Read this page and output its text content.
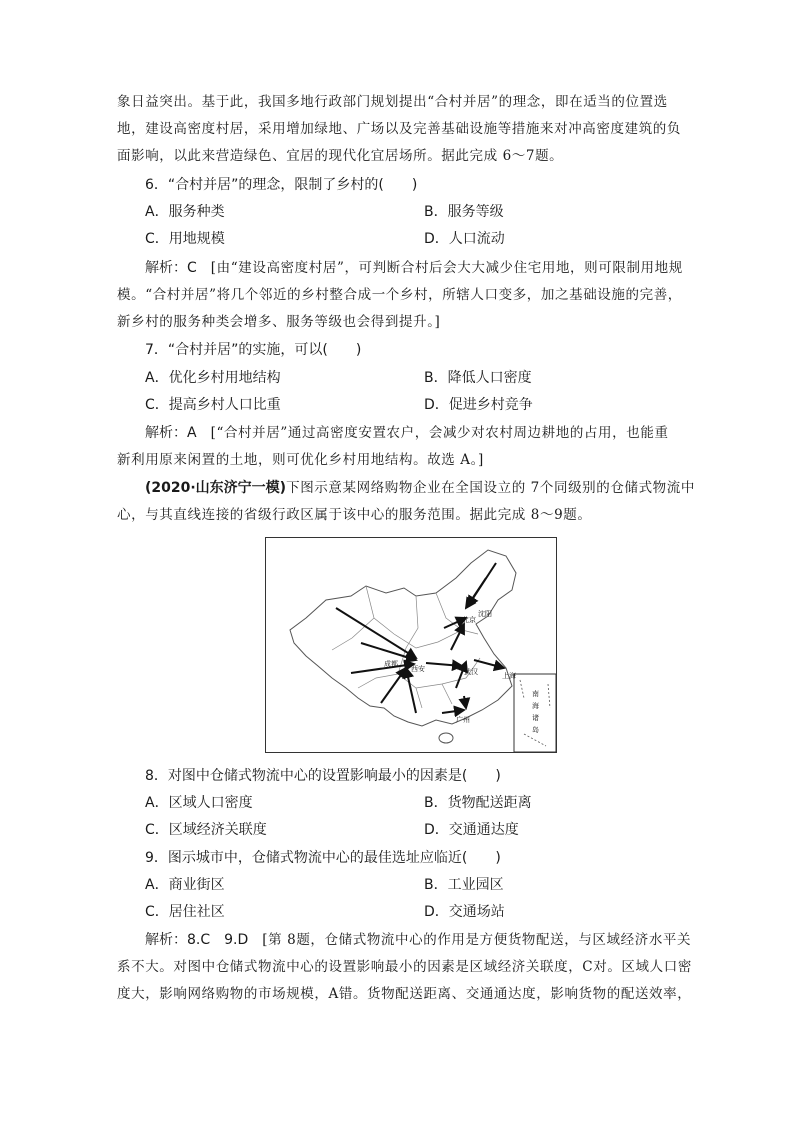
象日益突出。基于此，我国多地行政部门规划提出“合村并居”的理念，即在适当的位置选
地，建设高密度村居，采用增加绿地、广场以及完善基础设施等措施来对冲高密度建筑的负
面影响，以此来营造绿色、宜居的现代化宜居场所。据此完成 6～7题。
6．“合村并居”的理念，限制了乡村的(　　)
A．服务种类	B．服务等级
C．用地规模	D．人口流动
解析：C　 [由“建设高密度村居”，可判断合村后会大大减少住宅用地，则可限制用地规
模。“合村并居”将几个邻近的乡村整合成一个乡村，所辖人口变多，加之基础设施的完善，
新乡村的服务种类会增多、服务等级也会得到提升。]
7．“合村并居”的实施，可以(　　)
A．优化乡村用地结构	B．降低人口密度
C．提高乡村人口比重	D．促进乡村竞争
解析：A　 [“合村并居”通过高密度安置农户，会减少对农村周边耕地的占用，也能重
新利用原来闲置的土地，则可优化乡村用地结构。故选 A。]
(2020·山东济宁一模)下图示意某网络购物企业在全国设立的 7个同级别的仓储式物流中
心，与其直线连接的省级行政区属于该中心的服务范围。据此完成 8～9题。
南
海
诸
岛
沈阳
北京
成都
西安	武汉	上海
广州
8．对图中仓储式物流中心的设置影响最小的因素是(　　)
A．区域人口密度	B．货物配送距离
C．区域经济关联度	D．交通通达度
9．图示城市中，仓储式物流中心的最佳选址应临近(　　)
A．商业街区	B．工业园区
C．居住社区	D．交通场站
解析：8.C　9.D　 [第 8题，仓储式物流中心的作用是方便货物配送，与区域经济水平关
系不大。对图中仓储式物流中心的设置影响最小的因素是区域经济关联度，C对。区域人口密
度大，影响网络购物的市场规模，A错。货物配送距离、交通通达度，影响货物的配送效率，
